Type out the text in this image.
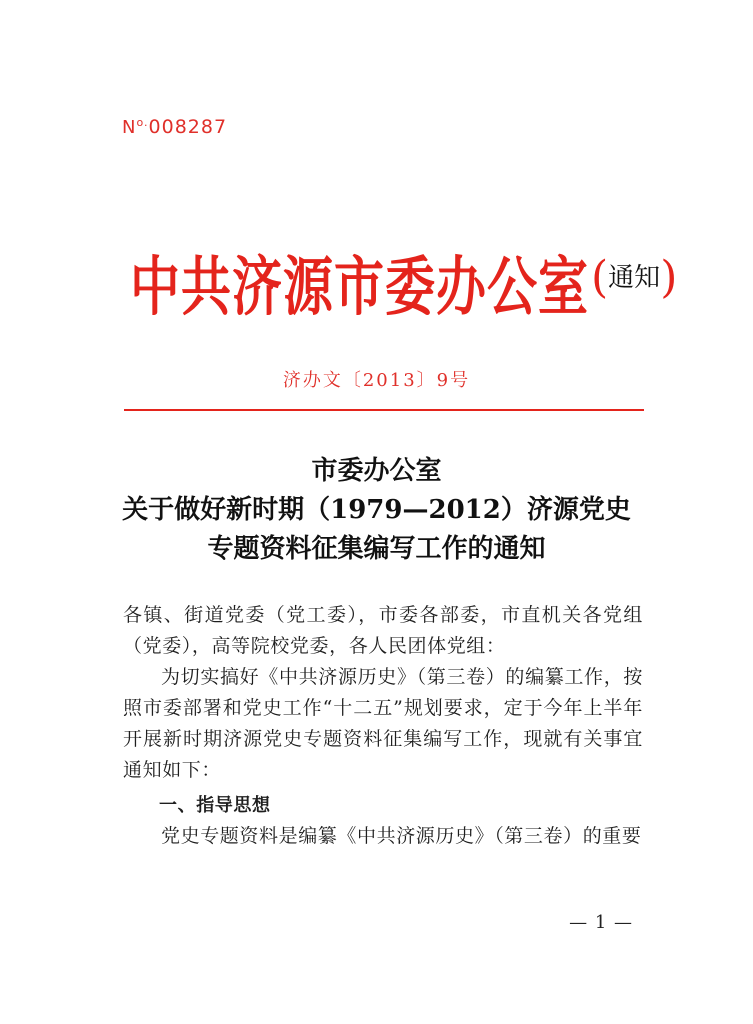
$N^{o.}008287$
中共济源市委办公室(通知)
济办文〔2013〕9号
市委办公室
关于做好新时期（1979—2012）济源党史
专题资料征集编写工作的通知

各镇、街道党委（党工委），市委各部委，市直机关各党组（党委），高等院校党委，各人民团体党组：

为切实搞好《中共济源历史》（第三卷）的编纂工作，按照市委部署和党史工作“十二五”规划要求，定于今年上半年开展新时期济源党史专题资料征集编写工作，现就有关事宜通知如下：

一、指导思想

党史专题资料是编纂《中共济源历史》（第三卷）的重要

— 1 —
